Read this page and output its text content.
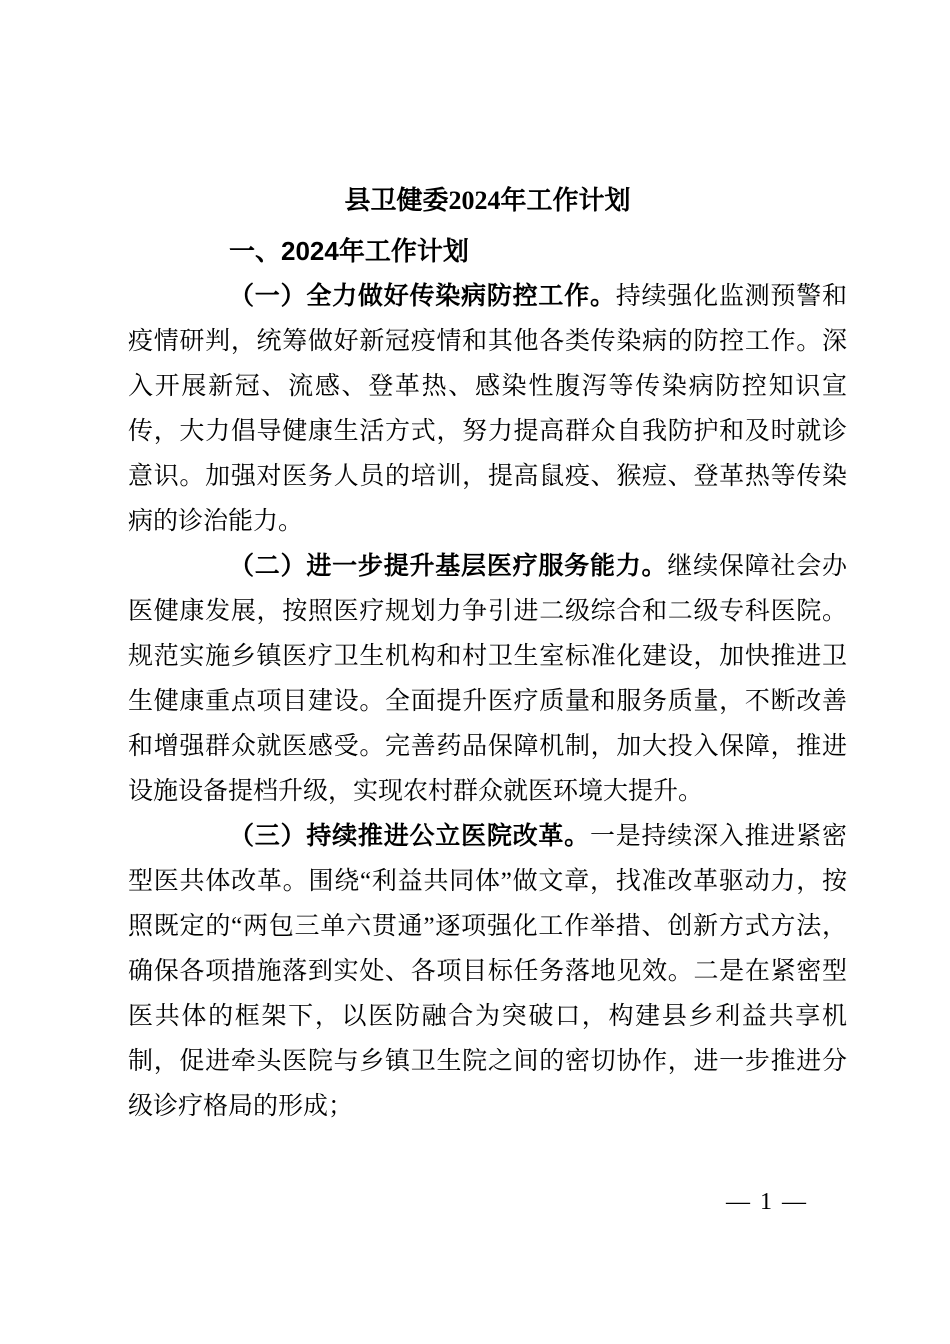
县卫健委2024年工作计划
一、2024年工作计划

（一）全力做好传染病防控工作。持续强化监测预警和疫情研判，统筹做好新冠疫情和其他各类传染病的防控工作。深入开展新冠、流感、登革热、感染性腹泻等传染病防控知识宣传，大力倡导健康生活方式，努力提高群众自我防护和及时就诊意识。加强对医务人员的培训，提高鼠疫、猴痘、登革热等传染病的诊治能力。

（二）进一步提升基层医疗服务能力。继续保障社会办医健康发展，按照医疗规划力争引进二级综合和二级专科医院。规范实施乡镇医疗卫生机构和村卫生室标准化建设，加快推进卫生健康重点项目建设。全面提升医疗质量和服务质量，不断改善和增强群众就医感受。完善药品保障机制，加大投入保障，推进设施设备提档升级，实现农村群众就医环境大提升。

（三）持续推进公立医院改革。一是持续深入推进紧密型医共体改革。围绕“利益共同体”做文章，找准改革驱动力，按照既定的“两包三单六贯通”逐项强化工作举措、创新方式方法，确保各项措施落到实处、各项目标任务落地见效。二是在紧密型医共体的框架下，以医防融合为突破口，构建县乡利益共享机制，促进牵头医院与乡镇卫生院之间的密切协作，进一步推进分级诊疗格局的形成；

— 1 —
